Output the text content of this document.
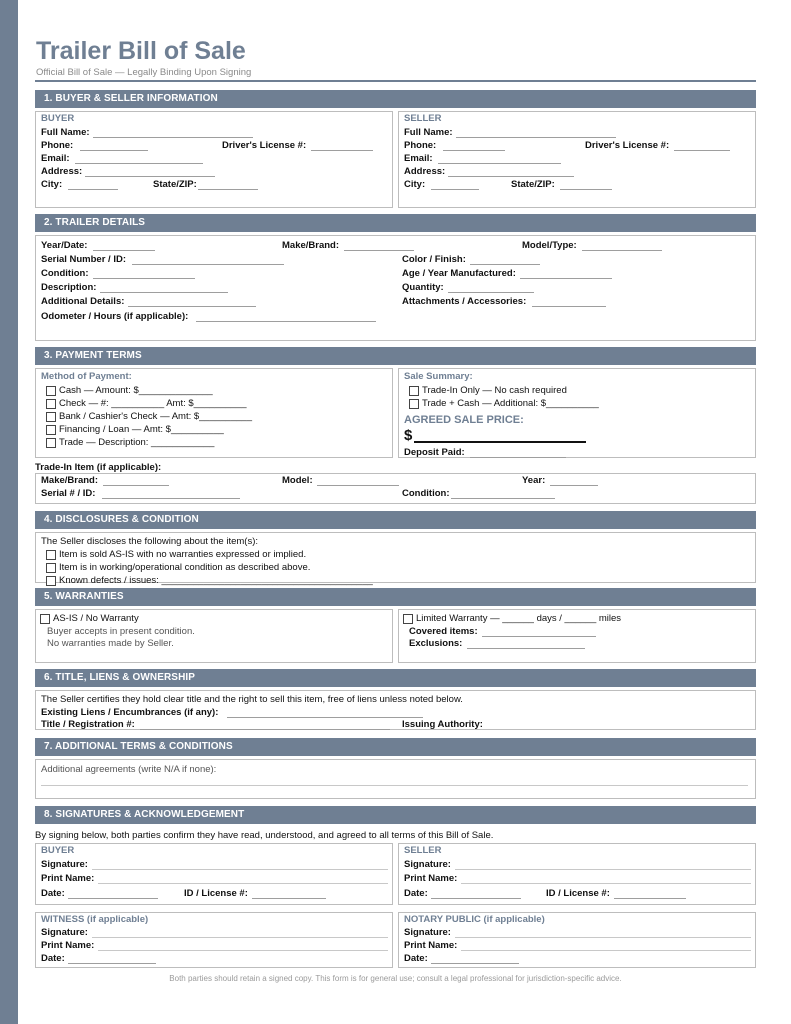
Trailer Bill of Sale
Official Bill of Sale — Legally Binding Upon Signing
1. BUYER & SELLER INFORMATION
BUYER
Full Name:
Phone:	Driver's License #:
Email:
Address:
City:	State/ZIP:
SELLER
Full Name:
Phone:	Driver's License #:
Email:
Address:
City:	State/ZIP:
2. TRAILER DETAILS
Year/Date:	Make/Brand:	Model/Type:
Serial Number / ID:	Color / Finish:
Condition:	Age / Year Manufactured:
Description:	Quantity:
Additional Details:	Attachments / Accessories:
Odometer / Hours (if applicable):
3. PAYMENT TERMS
Method of Payment:
Cash — Amount: $______________
Check — #: __________ Amt: $__________
Bank / Cashier's Check — Amt: $__________
Financing / Loan — Amt: $__________
Trade — Description: ____________
Sale Summary:
Trade-In Only — No cash required
Trade + Cash — Additional: $__________
AGREED SALE PRICE:
$
Deposit Paid:
Trade-In Item (if applicable):
Make/Brand:	Model:	Year:
Serial # / ID:	Condition:
4. DISCLOSURES & CONDITION
The Seller discloses the following about the item(s):
Item is sold AS-IS with no warranties expressed or implied.
Item is in working/operational condition as described above.
Known defects / issues: ________________________________________
5. WARRANTIES
AS-IS / No Warranty
Buyer accepts in present condition.
No warranties made by Seller.
Limited Warranty — ______ days / ______ miles
Covered items:
Exclusions:
6. TITLE, LIENS & OWNERSHIP
The Seller certifies they hold clear title and the right to sell this item, free of liens unless noted below.
Existing Liens / Encumbrances (if any):
Title / Registration #:	Issuing Authority:
7. ADDITIONAL TERMS & CONDITIONS
Additional agreements (write N/A if none):
8. SIGNATURES & ACKNOWLEDGEMENT
By signing below, both parties confirm they have read, understood, and agreed to all terms of this Bill of Sale.
BUYER
Signature:
Print Name:
Date:	ID / License #:
SELLER
Signature:
Print Name:
Date:	ID / License #:
WITNESS (if applicable)
Signature:
Print Name:
Date:
NOTARY PUBLIC (if applicable)
Signature:
Print Name:
Date:
Both parties should retain a signed copy. This form is for general use; consult a legal professional for jurisdiction-specific advice.
